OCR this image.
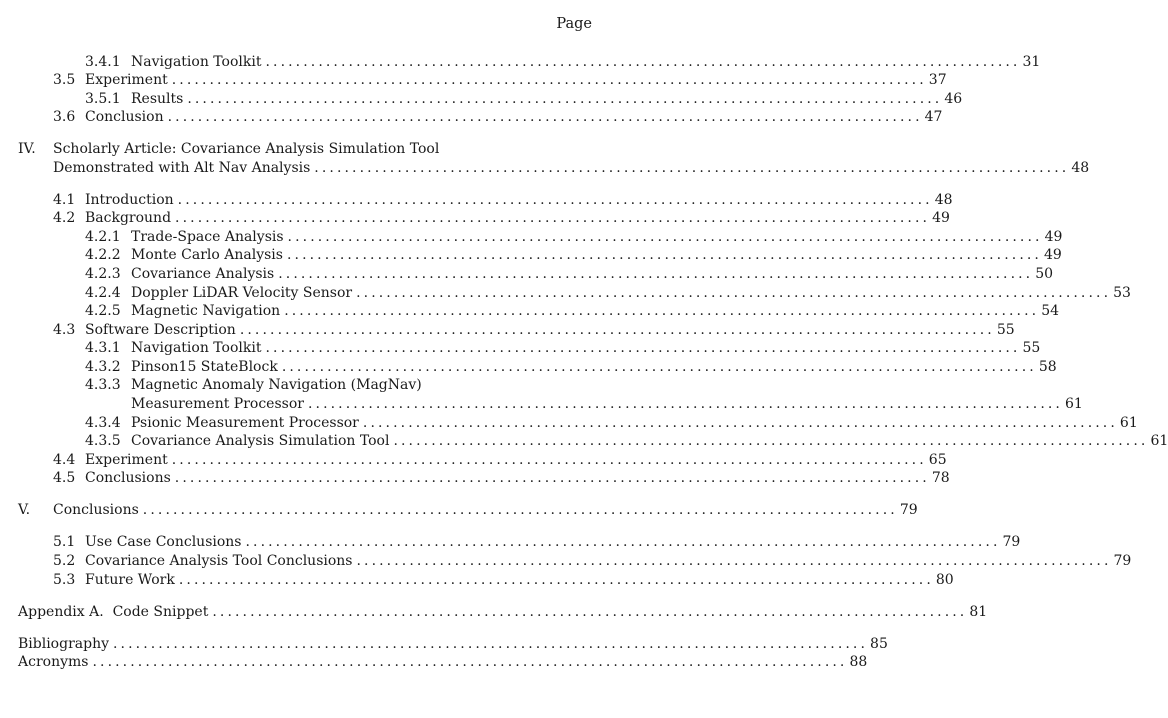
Page
3.4.1 Navigation Toolkit .................................................................................................... 31
3.5 Experiment .................................................................................................... 37
3.5.1 Results .................................................................................................... 46
3.6 Conclusion .................................................................................................... 47
IV. Scholarly Article: Covariance Analysis Simulation Tool
Demonstrated with Alt Nav Analysis .................................................................................................... 48
4.1 Introduction .................................................................................................... 48
4.2 Background .................................................................................................... 49
4.2.1 Trade-Space Analysis .................................................................................................... 49
4.2.2 Monte Carlo Analysis .................................................................................................... 49
4.2.3 Covariance Analysis .................................................................................................... 50
4.2.4 Doppler LiDAR Velocity Sensor .................................................................................................... 53
4.2.5 Magnetic Navigation .................................................................................................... 54
4.3 Software Description .................................................................................................... 55
4.3.1 Navigation Toolkit .................................................................................................... 55
4.3.2 Pinson15 StateBlock .................................................................................................... 58
4.3.3 Magnetic Anomaly Navigation (MagNav)
Measurement Processor .................................................................................................... 61
4.3.4 Psionic Measurement Processor .................................................................................................... 61
4.3.5 Covariance Analysis Simulation Tool .................................................................................................... 61
4.4 Experiment .................................................................................................... 65
4.5 Conclusions .................................................................................................... 78
V. Conclusions .................................................................................................... 79
5.1 Use Case Conclusions .................................................................................................... 79
5.2 Covariance Analysis Tool Conclusions .................................................................................................... 79
5.3 Future Work .................................................................................................... 80
Appendix A.  Code Snippet .................................................................................................... 81
Bibliography .................................................................................................... 85
Acronyms .................................................................................................... 88
